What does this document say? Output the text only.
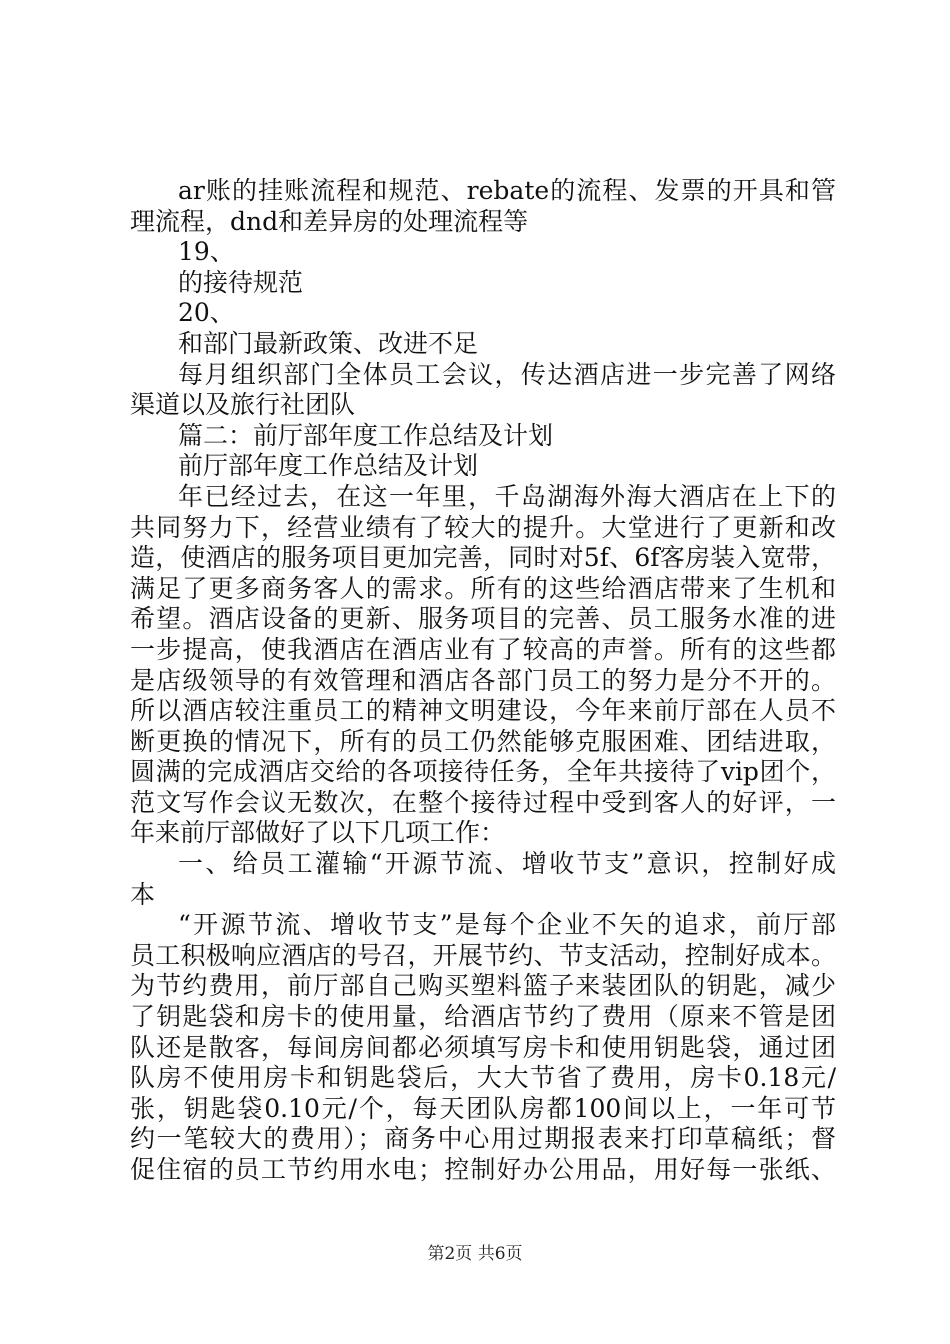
ar账的挂账流程和规范、rebate的流程、发票的开具和管
理流程，dnd和差异房的处理流程等
19、
的接待规范
20、
和部门最新政策、改进不足
每月组织部门全体员工会议，传达酒店进一步完善了网络
渠道以及旅行社团队
篇二：前厅部年度工作总结及计划
前厅部年度工作总结及计划
年已经过去，在这一年里，千岛湖海外海大酒店在上下的
共同努力下，经营业绩有了较大的提升。大堂进行了更新和改
造，使酒店的服务项目更加完善，同时对5f、6f客房装入宽带，
满足了更多商务客人的需求。所有的这些给酒店带来了生机和
希望。酒店设备的更新、服务项目的完善、员工服务水准的进
一步提高，使我酒店在酒店业有了较高的声誉。所有的这些都
是店级领导的有效管理和酒店各部门员工的努力是分不开的。
所以酒店较注重员工的精神文明建设，今年来前厅部在人员不
断更换的情况下，所有的员工仍然能够克服困难、团结进取，
圆满的完成酒店交给的各项接待任务，全年共接待了vip团个，
范文写作会议无数次，在整个接待过程中受到客人的好评，一
年来前厅部做好了以下几项工作：
一、给员工灌输“开源节流、增收节支”意识，控制好成
本
“开源节流、增收节支”是每个企业不矢的追求，前厅部
员工积极响应酒店的号召，开展节约、节支活动，控制好成本。
为节约费用，前厅部自己购买塑料篮子来装团队的钥匙，减少
了钥匙袋和房卡的使用量，给酒店节约了费用（原来不管是团
队还是散客，每间房间都必须填写房卡和使用钥匙袋，通过团
队房不使用房卡和钥匙袋后，大大节省了费用，房卡0.18元/
张，钥匙袋0.10元/个，每天团队房都100间以上，一年可节
约一笔较大的费用）；商务中心用过期报表来打印草稿纸；督
促住宿的员工节约用水电；控制好办公用品，用好每一张纸、
第2页 共6页
